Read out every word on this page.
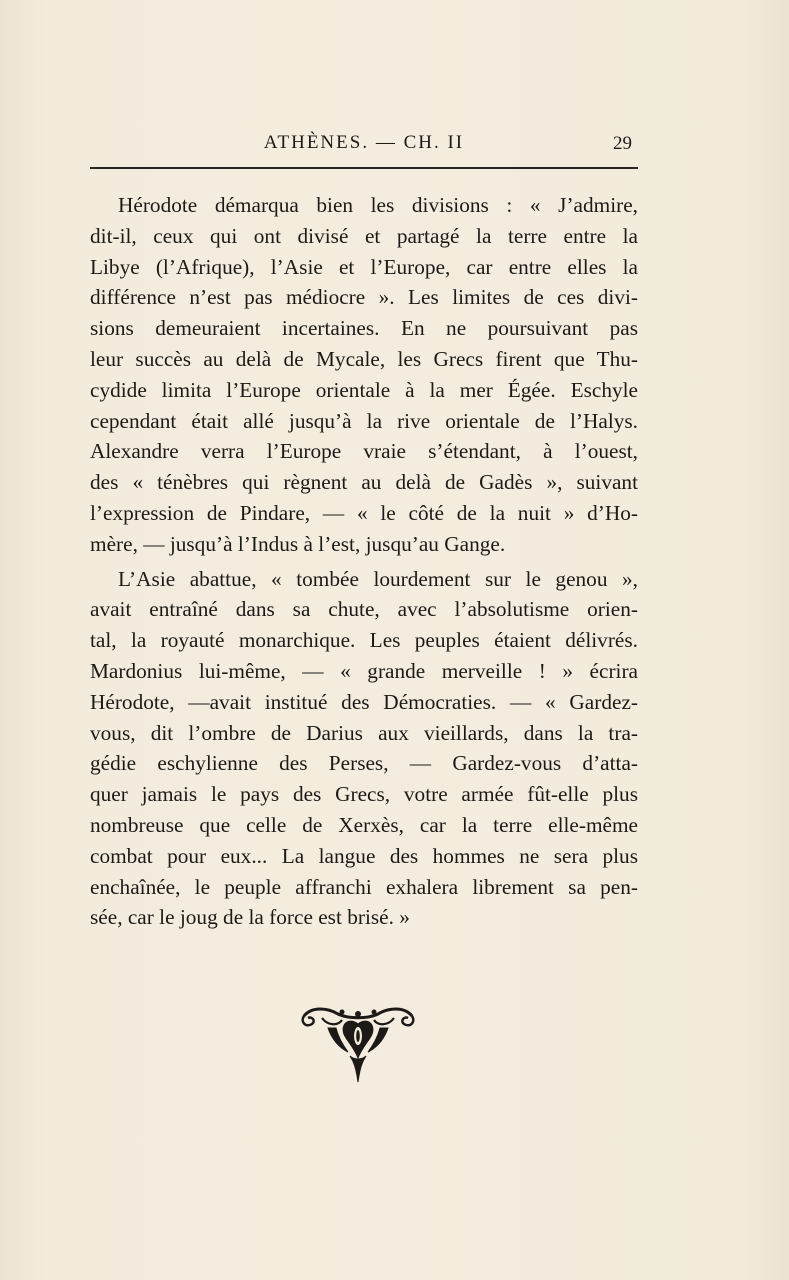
ATHÈNES. — CH. II	29
Hérodote démarqua bien les divisions : « J’admire,
dit-il, ceux qui ont divisé et partagé la terre entre la
Libye (l’Afrique), l’Asie et l’Europe, car entre elles la
différence n’est pas médiocre ». Les limites de ces divi-
sions demeuraient incertaines. En ne poursuivant pas
leur succès au delà de Mycale, les Grecs firent que Thu-
cydide limita l’Europe orientale à la mer Égée. Eschyle
cependant était allé jusqu’à la rive orientale de l’Halys.
Alexandre verra l’Europe vraie s’étendant, à l’ouest,
des « ténèbres qui règnent au delà de Gadès », suivant
l’expression de Pindare, — « le côté de la nuit » d’Ho-
mère, — jusqu’à l’Indus à l’est, jusqu’au Gange.
L’Asie abattue, « tombée lourdement sur le genou »,
avait entraîné dans sa chute, avec l’absolutisme orien-
tal, la royauté monarchique. Les peuples étaient délivrés.
Mardonius lui-même, — « grande merveille ! » écrira
Hérodote, —avait institué des Démocraties. — « Gardez-
vous, dit l’ombre de Darius aux vieillards, dans la tra-
gédie eschylienne des Perses, — Gardez-vous d’atta-
quer jamais le pays des Grecs, votre armée fût-elle plus
nombreuse que celle de Xerxès, car la terre elle-même
combat pour eux... La langue des hommes ne sera plus
enchaînée, le peuple affranchi exhalera librement sa pen-
sée, car le joug de la force est brisé. »
